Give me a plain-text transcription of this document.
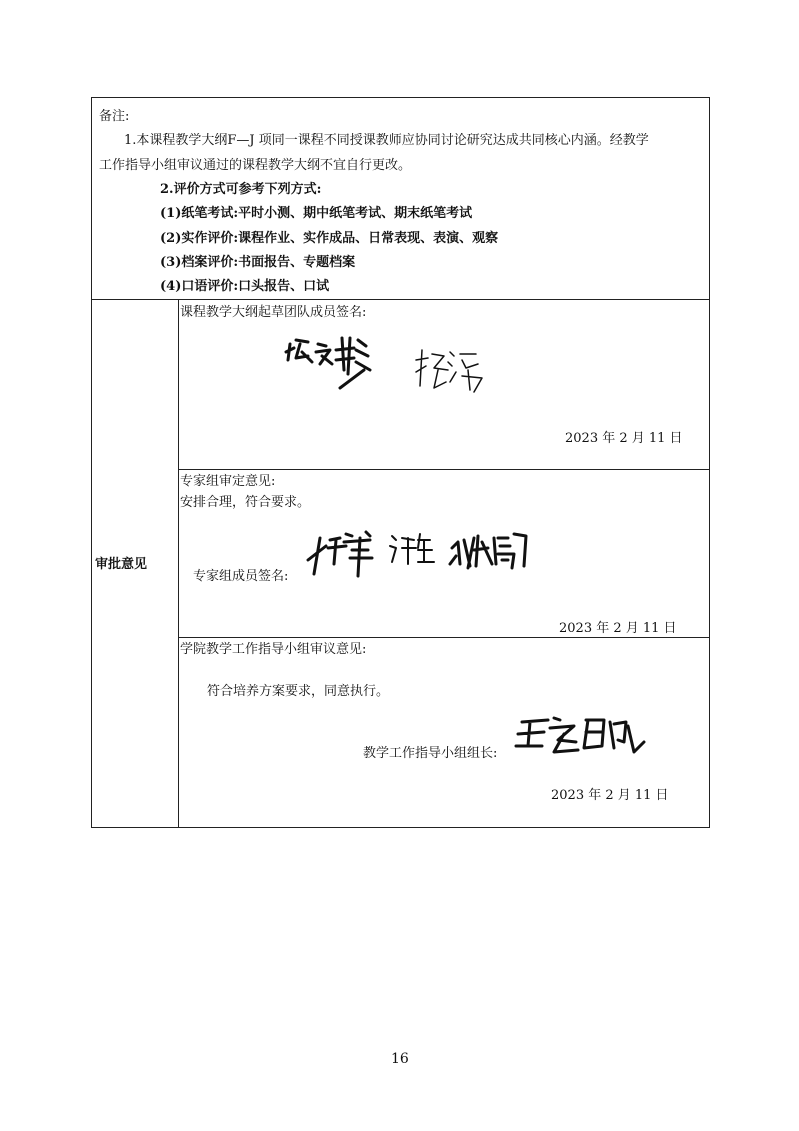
备注:
1.本课程教学大纲F—J 项同一课程不同授课教师应协同讨论研究达成共同核心内涵。经教学
工作指导小组审议通过的课程教学大纲不宜自行更改。
2.评价方式可参考下列方式:
(1)纸笔考试:平时小测、期中纸笔考试、期末纸笔考试
(2)实作评价:课程作业、实作成品、日常表现、表演、观察
(3)档案评价:书面报告、专题档案
(4)口语评价:口头报告、口试
审批意见
课程教学大纲起草团队成员签名:
2023 年 2 月 11 日
专家组审定意见:
安排合理，符合要求。
专家组成员签名:
2023 年 2 月 11 日
学院教学工作指导小组审议意见:
符合培养方案要求，同意执行。
教学工作指导小组组长:
2023 年 2 月 11 日
16
